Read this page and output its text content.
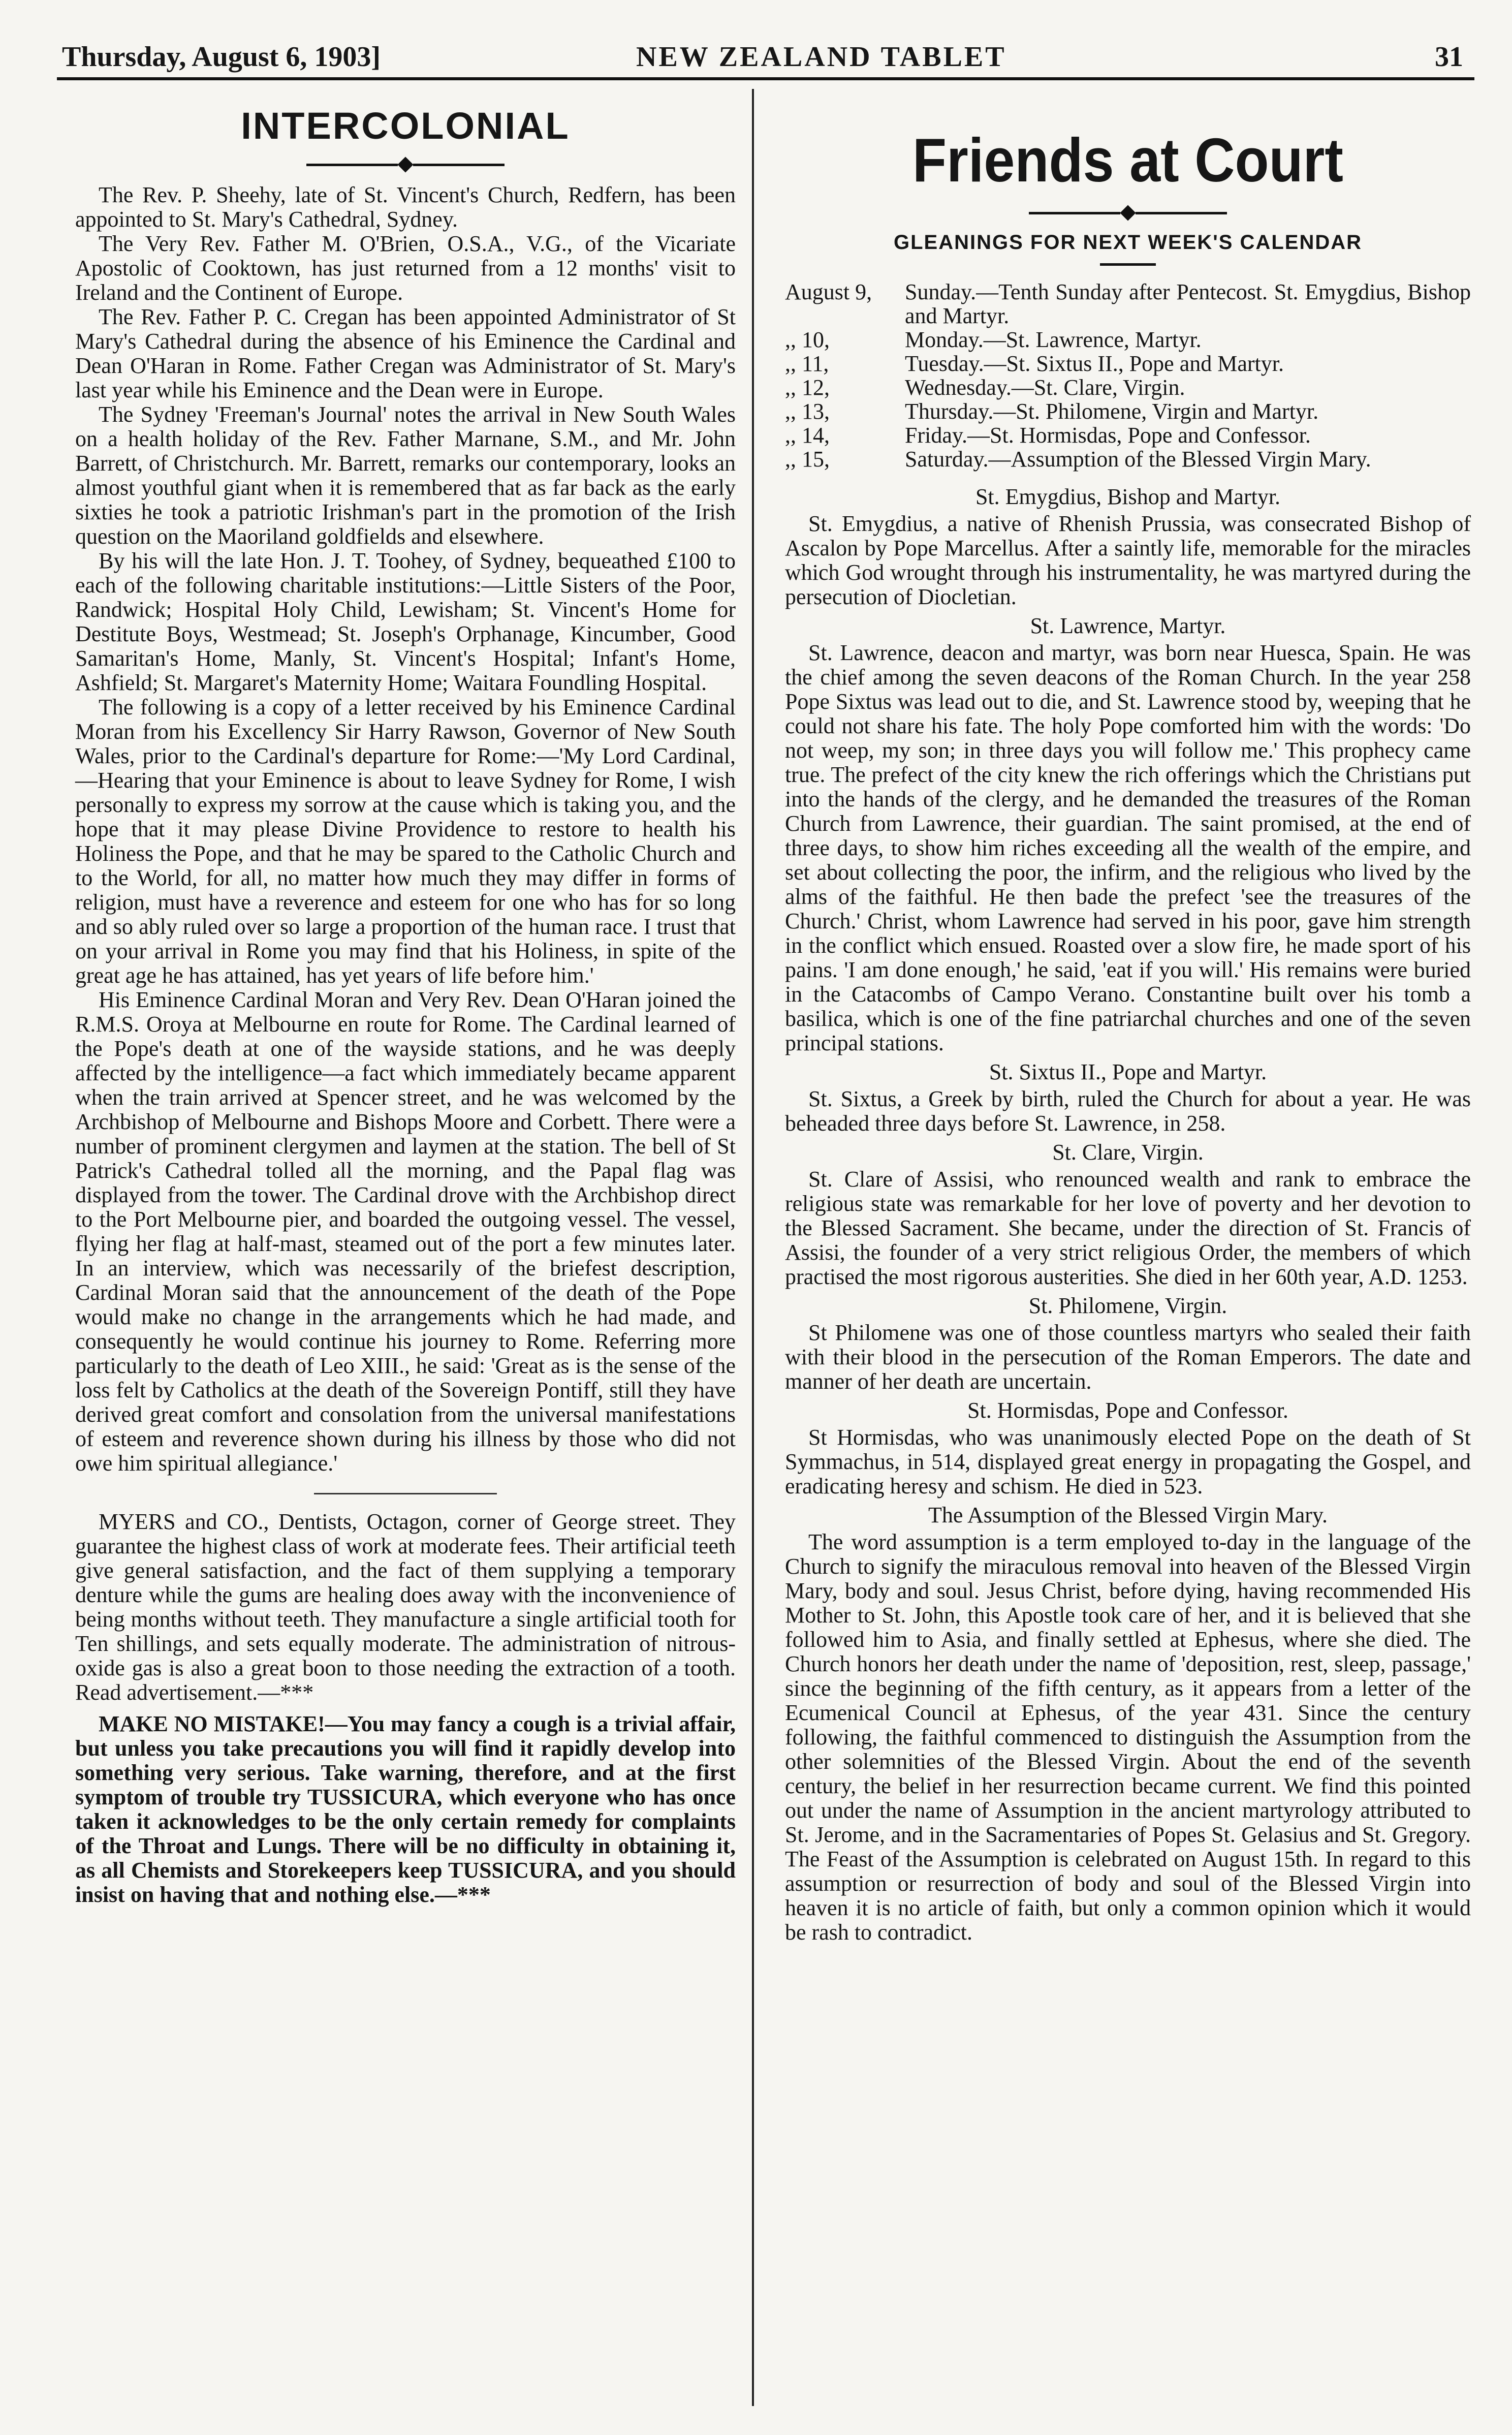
Thursday, August 6, 1903]	NEW ZEALAND TABLET	31
INTERCOLONIAL

The Rev. P. Sheehy, late of St. Vincent's Church, Redfern, has been appointed to St. Mary's Cathedral, Sydney.

The Very Rev. Father M. O'Brien, O.S.A., V.G., of the Vicariate Apostolic of Cooktown, has just returned from a 12 months' visit to Ireland and the Continent of Europe.

The Rev. Father P. C. Cregan has been appointed Administrator of St Mary's Cathedral during the absence of his Eminence the Cardinal and Dean O'Haran in Rome. Father Cregan was Administrator of St. Mary's last year while his Eminence and the Dean were in Europe.

The Sydney 'Freeman's Journal' notes the arrival in New South Wales on a health holiday of the Rev. Father Marnane, S.M., and Mr. John Barrett, of Christchurch. Mr. Barrett, remarks our contemporary, looks an almost youthful giant when it is remembered that as far back as the early sixties he took a patriotic Irishman's part in the promotion of the Irish question on the Maoriland goldfields and elsewhere.

By his will the late Hon. J. T. Toohey, of Sydney, bequeathed £100 to each of the following charitable institutions:—Little Sisters of the Poor, Randwick; Hospital Holy Child, Lewisham; St. Vincent's Home for Destitute Boys, Westmead; St. Joseph's Orphanage, Kincumber, Good Samaritan's Home, Manly, St. Vincent's Hospital; Infant's Home, Ashfield; St. Margaret's Maternity Home; Waitara Foundling Hospital.

The following is a copy of a letter received by his Eminence Cardinal Moran from his Excellency Sir Harry Rawson, Governor of New South Wales, prior to the Cardinal's departure for Rome:—'My Lord Cardinal,—Hearing that your Eminence is about to leave Sydney for Rome, I wish personally to express my sorrow at the cause which is taking you, and the hope that it may please Divine Providence to restore to health his Holiness the Pope, and that he may be spared to the Catholic Church and to the World, for all, no matter how much they may differ in forms of religion, must have a reverence and esteem for one who has for so long and so ably ruled over so large a proportion of the human race. I trust that on your arrival in Rome you may find that his Holiness, in spite of the great age he has attained, has yet years of life before him.'

His Eminence Cardinal Moran and Very Rev. Dean O'Haran joined the R.M.S. Oroya at Melbourne en route for Rome. The Cardinal learned of the Pope's death at one of the wayside stations, and he was deeply affected by the intelligence—a fact which immediately became apparent when the train arrived at Spencer street, and he was welcomed by the Archbishop of Melbourne and Bishops Moore and Corbett. There were a number of prominent clergymen and laymen at the station. The bell of St Patrick's Cathedral tolled all the morning, and the Papal flag was displayed from the tower. The Cardinal drove with the Archbishop direct to the Port Melbourne pier, and boarded the outgoing vessel. The vessel, flying her flag at half-mast, steamed out of the port a few minutes later. In an interview, which was necessarily of the briefest description, Cardinal Moran said that the announcement of the death of the Pope would make no change in the arrangements which he had made, and consequently he would continue his journey to Rome. Referring more particularly to the death of Leo XIII., he said: 'Great as is the sense of the loss felt by Catholics at the death of the Sovereign Pontiff, still they have derived great comfort and consolation from the universal manifestations of esteem and reverence shown during his illness by those who did not owe him spiritual allegiance.'

MYERS and CO., Dentists, Octagon, corner of George street. They guarantee the highest class of work at moderate fees. Their artificial teeth give general satisfaction, and the fact of them supplying a temporary denture while the gums are healing does away with the inconvenience of being months without teeth. They manufacture a single artificial tooth for Ten shillings, and sets equally moderate. The administration of nitrous-oxide gas is also a great boon to those needing the extraction of a tooth. Read advertisement.—***

MAKE NO MISTAKE!—You may fancy a cough is a trivial affair, but unless you take precautions you will find it rapidly develop into something very serious. Take warning, therefore, and at the first symptom of trouble try TUSSICURA, which everyone who has once taken it acknowledges to be the only certain remedy for complaints of the Throat and Lungs. There will be no difficulty in obtaining it, as all Chemists and Storekeepers keep TUSSICURA, and you should insist on having that and nothing else.—***

Friends at Court
GLEANINGS FOR NEXT WEEK'S CALENDAR
August 9,	Sunday.—Tenth Sunday after Pentecost. St. Emygdius, Bishop and Martyr.
,, 10,	Monday.—St. Lawrence, Martyr.
,, 11,	Tuesday.—St. Sixtus II., Pope and Martyr.
,, 12,	Wednesday.—St. Clare, Virgin.
,, 13,	Thursday.—St. Philomene, Virgin and Martyr.
,, 14,	Friday.—St. Hormisdas, Pope and Confessor.
,, 15,	Saturday.—Assumption of the Blessed Virgin Mary.
St. Emygdius, Bishop and Martyr.

St. Emygdius, a native of Rhenish Prussia, was consecrated Bishop of Ascalon by Pope Marcellus. After a saintly life, memorable for the miracles which God wrought through his instrumentality, he was martyred during the persecution of Diocletian.

St. Lawrence, Martyr.

St. Lawrence, deacon and martyr, was born near Huesca, Spain. He was the chief among the seven deacons of the Roman Church. In the year 258 Pope Sixtus was lead out to die, and St. Lawrence stood by, weeping that he could not share his fate. The holy Pope comforted him with the words: 'Do not weep, my son; in three days you will follow me.' This prophecy came true. The prefect of the city knew the rich offerings which the Christians put into the hands of the clergy, and he demanded the treasures of the Roman Church from Lawrence, their guardian. The saint promised, at the end of three days, to show him riches exceeding all the wealth of the empire, and set about collecting the poor, the infirm, and the religious who lived by the alms of the faithful. He then bade the prefect 'see the treasures of the Church.' Christ, whom Lawrence had served in his poor, gave him strength in the conflict which ensued. Roasted over a slow fire, he made sport of his pains. 'I am done enough,' he said, 'eat if you will.' His remains were buried in the Catacombs of Campo Verano. Constantine built over his tomb a basilica, which is one of the fine patriarchal churches and one of the seven principal stations.

St. Sixtus II., Pope and Martyr.

St. Sixtus, a Greek by birth, ruled the Church for about a year. He was beheaded three days before St. Lawrence, in 258.

St. Clare, Virgin.

St. Clare of Assisi, who renounced wealth and rank to embrace the religious state was remarkable for her love of poverty and her devotion to the Blessed Sacrament. She became, under the direction of St. Francis of Assisi, the founder of a very strict religious Order, the members of which practised the most rigorous austerities. She died in her 60th year, A.D. 1253.

St. Philomene, Virgin.

St Philomene was one of those countless martyrs who sealed their faith with their blood in the persecution of the Roman Emperors. The date and manner of her death are uncertain.

St. Hormisdas, Pope and Confessor.

St Hormisdas, who was unanimously elected Pope on the death of St Symmachus, in 514, displayed great energy in propagating the Gospel, and eradicating heresy and schism. He died in 523.

The Assumption of the Blessed Virgin Mary.

The word assumption is a term employed to-day in the language of the Church to signify the miraculous removal into heaven of the Blessed Virgin Mary, body and soul. Jesus Christ, before dying, having recommended His Mother to St. John, this Apostle took care of her, and it is believed that she followed him to Asia, and finally settled at Ephesus, where she died. The Church honors her death under the name of 'deposition, rest, sleep, passage,' since the beginning of the fifth century, as it appears from a letter of the Ecumenical Council at Ephesus, of the year 431. Since the century following, the faithful commenced to distinguish the Assumption from the other solemnities of the Blessed Virgin. About the end of the seventh century, the belief in her resurrection became current. We find this pointed out under the name of Assumption in the ancient martyrology attributed to St. Jerome, and in the Sacramentaries of Popes St. Gelasius and St. Gregory. The Feast of the Assumption is celebrated on August 15th. In regard to this assumption or resurrection of body and soul of the Blessed Virgin into heaven it is no article of faith, but only a common opinion which it would be rash to contradict.
